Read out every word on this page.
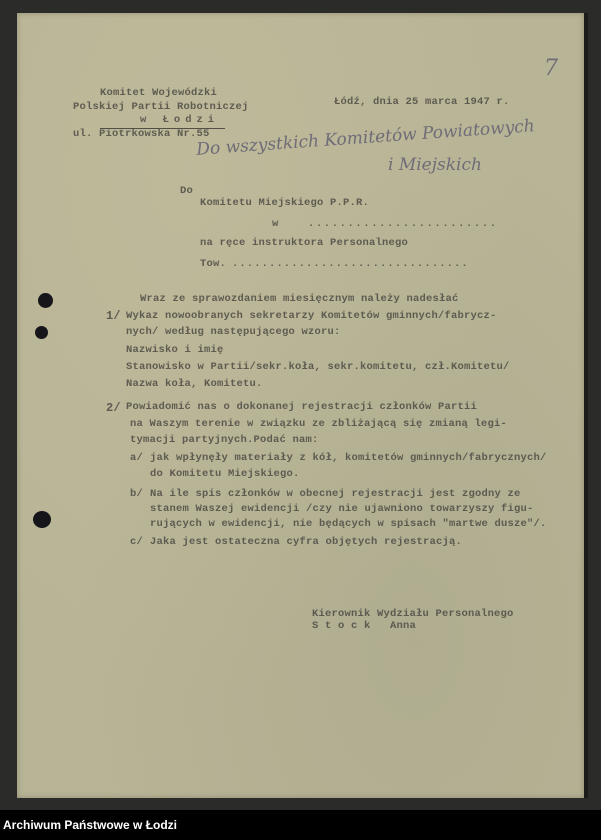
7
Komitet Wojewódzki
Polskiej Partii Robotniczej
w Łodzi
ul. Piotrkowska Nr.55
Łódź, dnia 25 marca 1947 r.
Do wszystkich Komitetów Powiatowych
i Miejskich
Do
Komitetu Miejskiego P.P.R.
w	........................
na ręce instruktora Personalnego
Tow. ................................
Wraz ze sprawozdaniem miesięcznym należy nadesłać
1/ Wykaz nowoobranych sekretarzy Komitetów gminnych/fabrycz-
nych/ według następującego wzoru:
Nazwisko i imię
Stanowisko w Partii/sekr.koła, sekr.komitetu, czł.Komitetu/
Nazwa koła, Komitetu.
2/ Powiadomić nas o dokonanej rejestracji członków Partii
na Waszym terenie w związku ze zbliżającą się zmianą legi-
tymacji partyjnych.Podać nam:
a/ jak wpłynęły materiały z kół, komitetów gminnych/fabrycznych/
do Komitetu Miejskiego.
b/ Na ile spis członków w obecnej rejestracji jest zgodny ze
stanem Waszej ewidencji /czy nie ujawniono towarzyszy figu-
rujących w ewidencji, nie będących w spisach "martwe dusze"/.
c/ Jaka jest ostateczna cyfra objętych rejestracją.
Kierownik Wydziału Personalnego
S t o c k   Anna
Archiwum Państwowe w Łodzi
